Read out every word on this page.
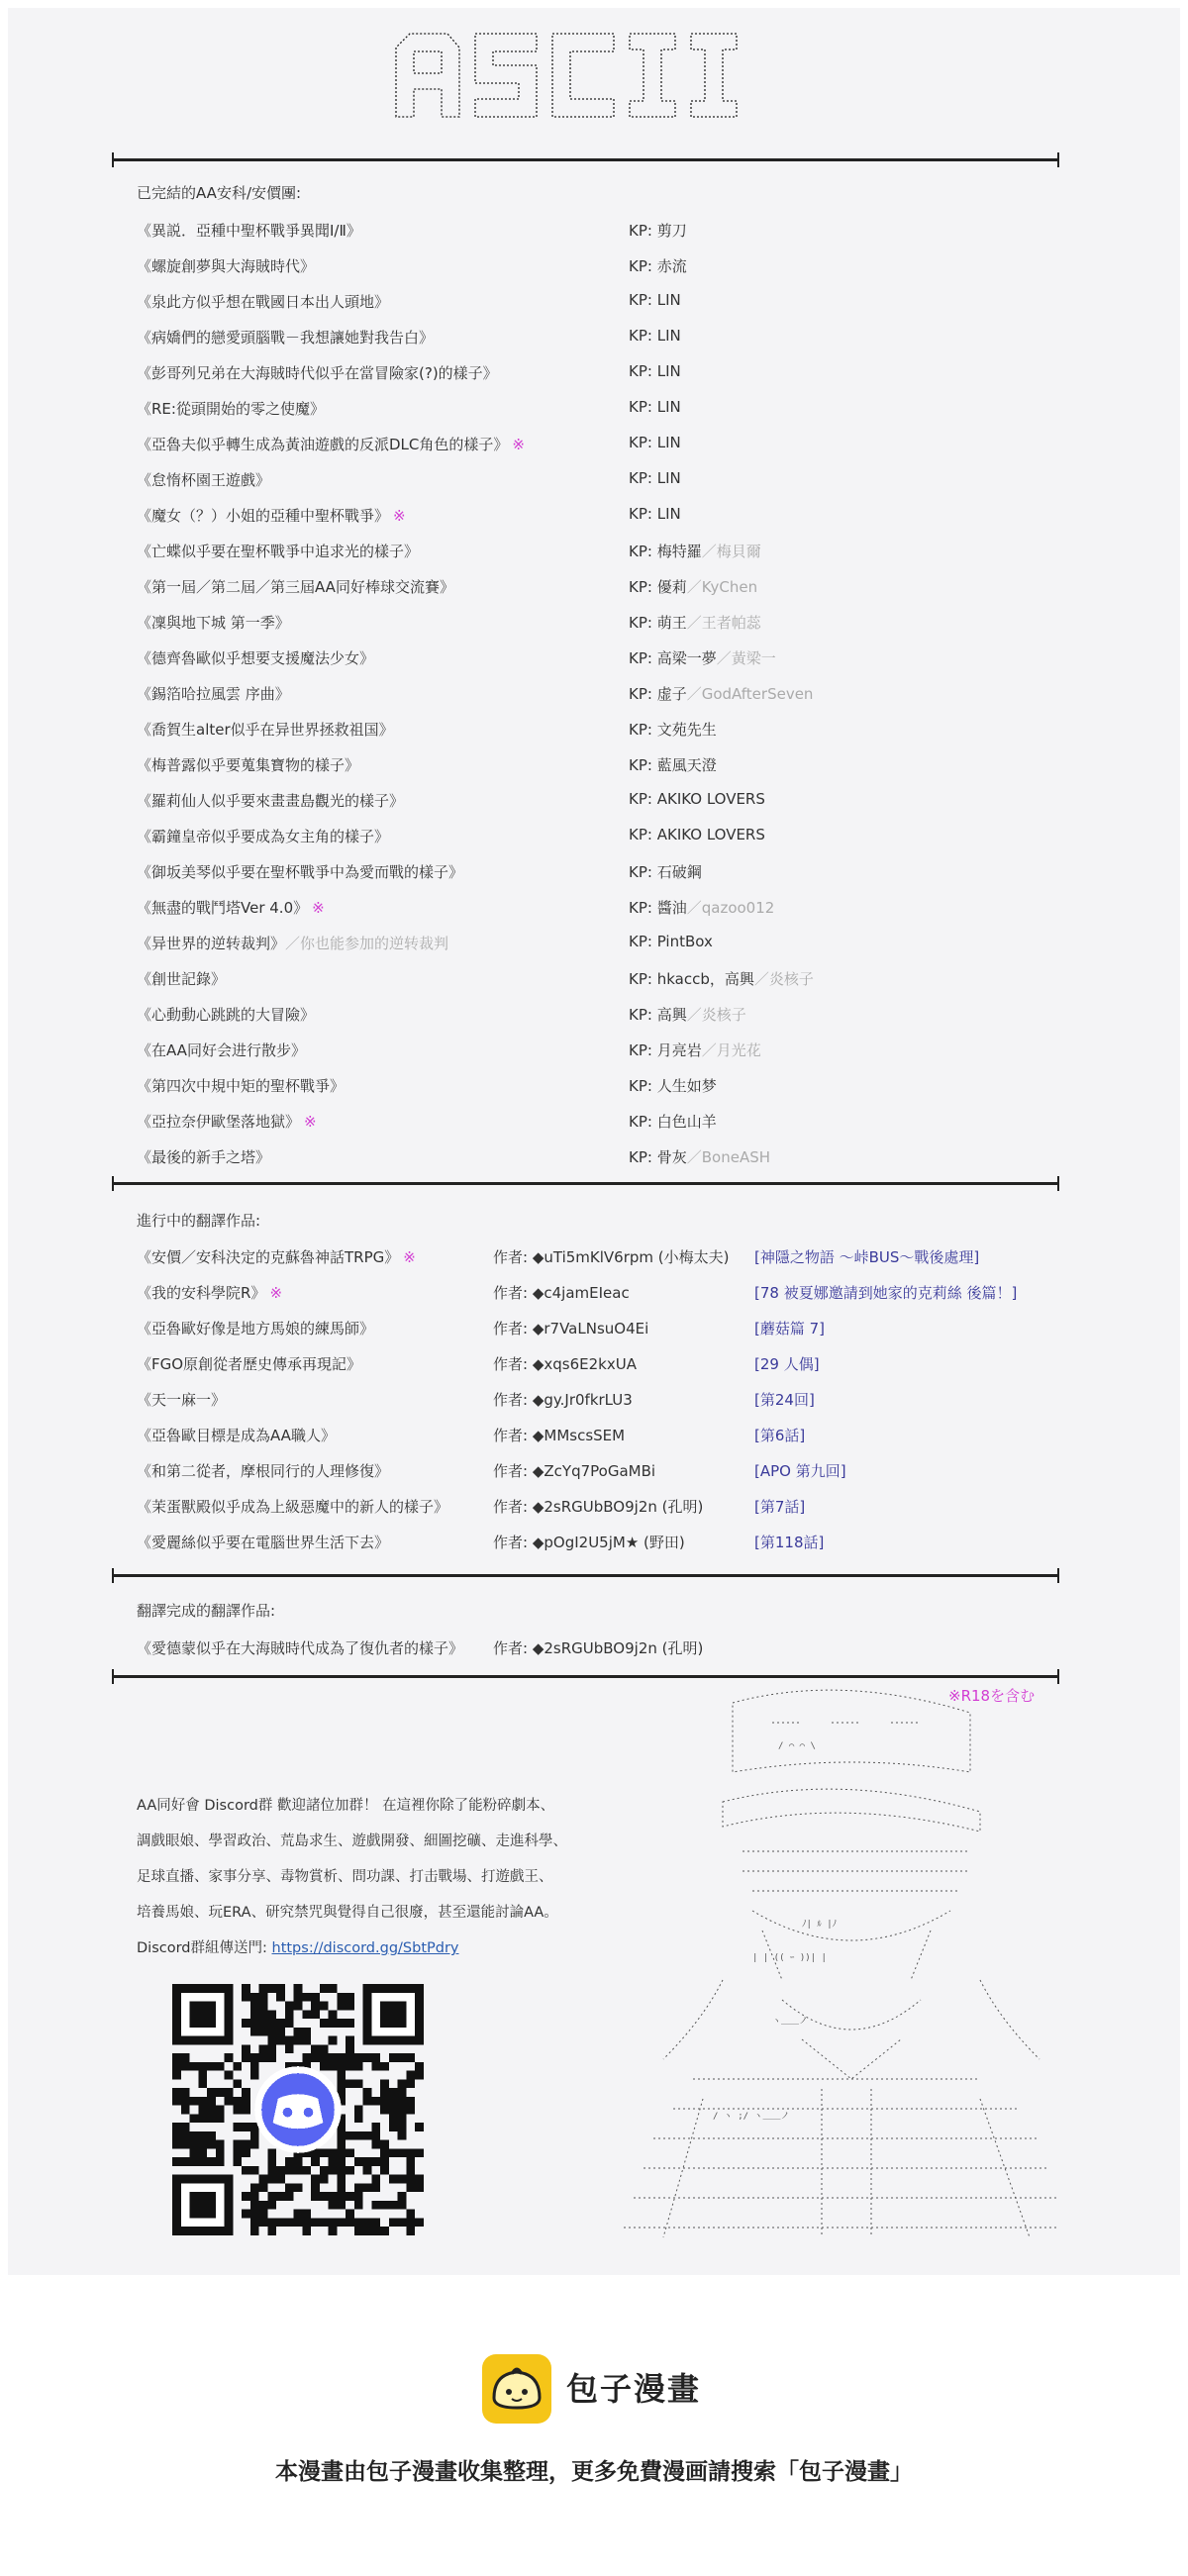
ASCII
已完結的AA安科/安價團:
《異説．亞種中聖杯戰爭異聞Ⅰ/Ⅱ》	KP: 剪刀
《螺旋創夢與大海賊時代》	KP: 赤流
《泉此方似乎想在戰國日本出人頭地》	KP: LIN
《病嬌們的戀愛頭腦戰－我想讓她對我告白》	KP: LIN
《彭哥列兄弟在大海賊時代似乎在當冒險家(?)的樣子》	KP: LIN
《RE:從頭開始的零之使魔》	KP: LIN
《亞魯夫似乎轉生成為黃油遊戲的反派DLC角色的樣子》 ※	KP: LIN
《怠惰杯園王遊戲》	KP: LIN
《魔女（？）小姐的亞種中聖杯戰爭》 ※	KP: LIN
《亡蝶似乎要在聖杯戰爭中追求光的樣子》	KP: 梅特羅／梅貝爾
《第一屆／第二屆／第三屆AA同好棒球交流賽》	KP: 優莉／KyChen
《凜與地下城 第一季》	KP: 萌王／王者帕蕊
《德齊魯歐似乎想要支援魔法少女》	KP: 高梁一夢／黃梁一
《錫箔哈拉風雲 序曲》	KP: 虚子／GodAfterSeven
《喬賀生alter似乎在异世界拯救祖国》	KP: 文苑先生
《梅普露似乎要蒐集寶物的樣子》	KP: 藍風天澄
《羅莉仙人似乎要來畫畫島觀光的樣子》	KP: AKIKO LOVERS
《霸鐘皇帝似乎要成為女主角的樣子》	KP: AKIKO LOVERS
《御坂美琴似乎要在聖杯戰爭中為愛而戰的樣子》	KP: 石破鋼
《無盡的戰鬥塔Ver 4.0》 ※	KP: 醬油／qazoo012
《异世界的逆转裁判》／你也能参加的逆转裁判	KP: PintBox
《創世記錄》	KP: hkaccb，高興／炎核子
《心動動心跳跳的大冒險》	KP: 高興／炎核子
《在AA同好会进行散步》	KP: 月亮岩／月光花
《第四次中規中矩的聖杯戰爭》	KP: 人生如梦
《亞拉奈伊歐堡落地獄》 ※	KP: 白色山羊
《最後的新手之塔》	KP: 骨灰／BoneASH
進行中的翻譯作品:
《安價／安科決定的克蘇魯神話TRPG》 ※	作者: ◆uTi5mKlV6rpm (小梅太夫) [神隱之物語 ～峠BUS～戰後處理]
《我的安科學院R》 ※	作者: ◆c4jamEIeac	[78 被夏娜邀請到她家的克莉絲 後篇！]
《亞魯歐好像是地方馬娘的練馬師》	作者: ◆r7VaLNsuO4Ei	[蘑菇篇 7]
《FGO原創從者歷史傳承再現記》	作者: ◆xqs6E2kxUA	[29 人偶]
《天一麻一》	作者: ◆gy.Jr0fkrLU3	[第24回]
《亞魯歐目標是成為AA職人》	作者: ◆MMscsSEM	[第6話]
《和第二從者，摩根同行的人理修復》	作者: ◆ZcYq7PoGaMBi	[APO 第九回]
《茉蛋獸殿似乎成為上級惡魔中的新人的樣子》	作者: ◆2sRGUbBO9j2n (孔明)	[第7話]
《愛麗絲似乎要在電腦世界生活下去》	作者: ◆pOgI2U5jM★ (野田)	[第118話]
翻譯完成的翻譯作品:
《愛德蒙似乎在大海賊時代成為了復仇者的樣子》 作者: ◆2sRGUbBO9j2n (孔明)
※R18を含む
AA同好會 Discord群 歡迎諸位加群！ 在這裡你除了能粉碎劇本、
調戲眼娘、學習政治、荒島求生、遊戲開發、細圖挖礦、走進科學、
足球直播、家事分享、毒物賞析、問功課、打击戰場、打遊戲王、
培養馬娘、玩ERA、研究禁咒與覺得自己很廢，甚至還能討論AA。
Discord群組傳送門: https://discord.gg/SbtPdry
/ ⌒ ⌒ \
ﾉ| ﾙ |ﾉ
| | (( ｰ ))| |
ヽ＿＿ノ
/ ヽ ;/ ヽ＿＿ノ
包子漫畫
本漫畫由包子漫畫收集整理，更多免費漫画請搜索「包子漫畫」
